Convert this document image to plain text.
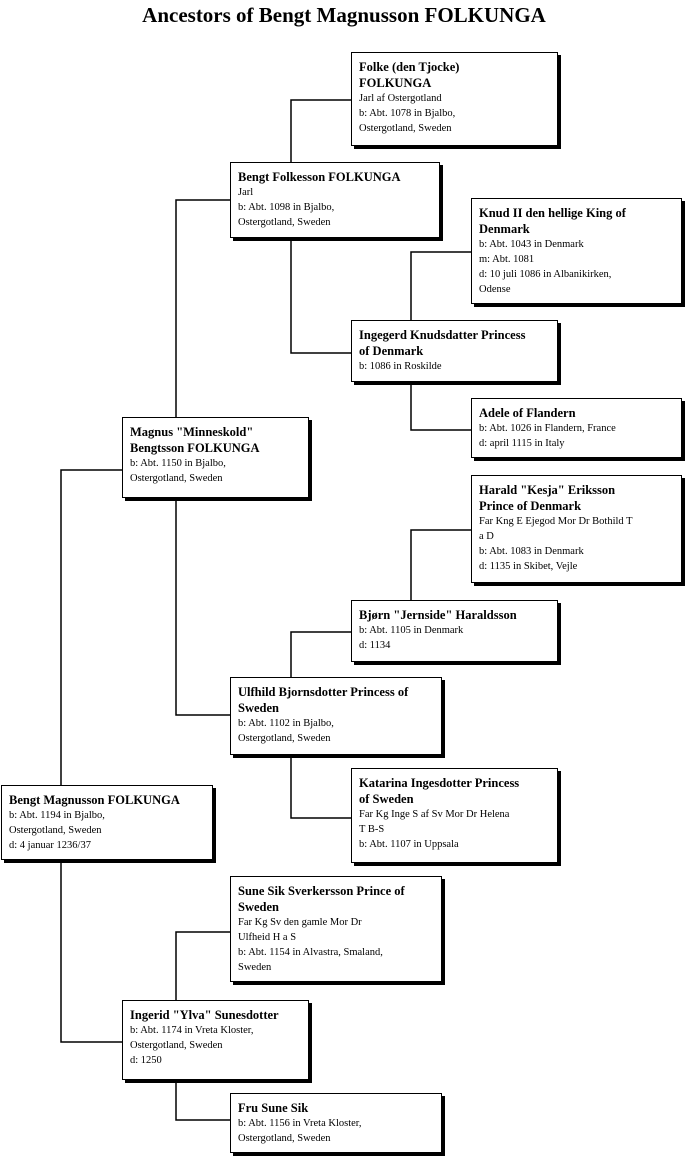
Ancestors of Bengt Magnusson FOLKUNGA
Bengt Magnusson FOLKUNGA
b: Abt. 1194 in Bjalbo,
Ostergotland, Sweden
d: 4 januar 1236/37
Magnus "Minneskold"
Bengtsson FOLKUNGA
b: Abt. 1150 in Bjalbo,
Ostergotland, Sweden
Ingerid "Ylva" Sunesdotter
b: Abt. 1174 in Vreta Kloster,
Ostergotland, Sweden
d: 1250
Bengt Folkesson FOLKUNGA
Jarl
b: Abt. 1098 in Bjalbo,
Ostergotland, Sweden
Ulfhild Bjornsdotter Princess of
Sweden
b: Abt. 1102 in Bjalbo,
Ostergotland, Sweden
Sune Sik Sverkersson Prince of
Sweden
Far Kg Sv den gamle Mor Dr
Ulfheid H a S
b: Abt. 1154 in Alvastra, Smaland,
Sweden
Fru Sune Sik
b: Abt. 1156 in Vreta Kloster,
Ostergotland, Sweden
Folke (den Tjocke)
FOLKUNGA
Jarl af Ostergotland
b: Abt. 1078 in Bjalbo,
Ostergotland, Sweden
Ingegerd Knudsdatter Princess
of Denmark
b: 1086 in Roskilde
Bjørn "Jernside" Haraldsson
b: Abt. 1105 in Denmark
d: 1134
Katarina Ingesdotter Princess
of Sweden
Far Kg Inge S af Sv Mor Dr Helena
T B-S
b: Abt. 1107 in Uppsala
Knud II den hellige King of
Denmark
b: Abt. 1043 in Denmark
m: Abt. 1081
d: 10 juli 1086 in Albanikirken,
Odense
Adele of Flandern
b: Abt. 1026 in Flandern, France
d: april 1115 in Italy
Harald "Kesja" Eriksson
Prince of Denmark
Far Kng E Ejegod Mor Dr Bothild T
a D
b: Abt. 1083 in Denmark
d: 1135 in Skibet, Vejle
